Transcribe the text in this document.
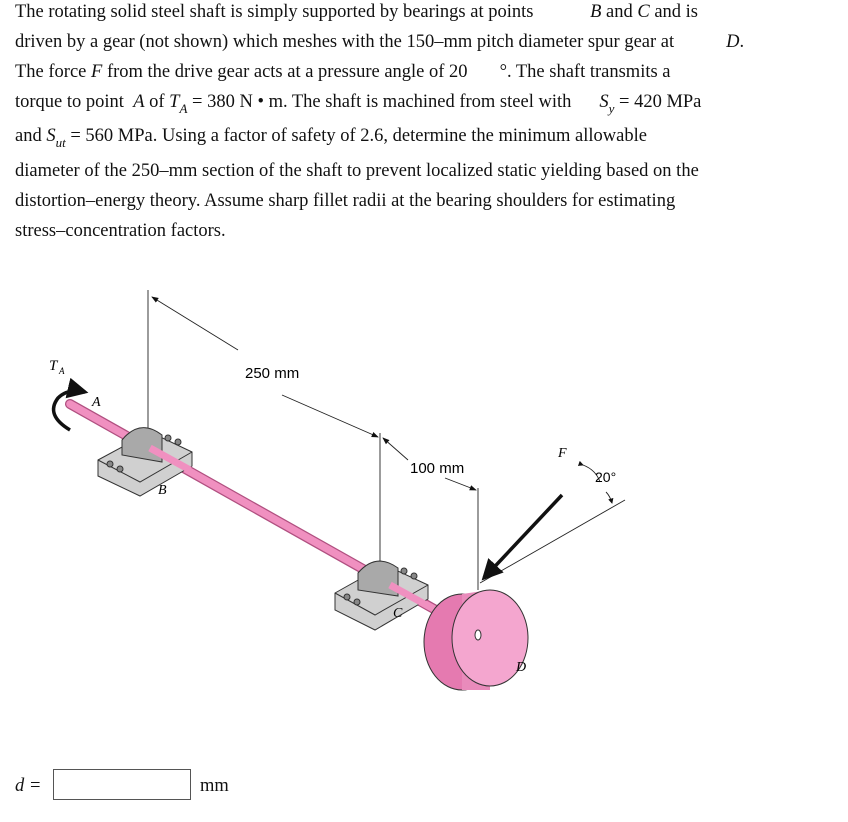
The rotating solid steel shaft is simply supported by bearings at points	B and C and is
driven by a gear (not shown) which meshes with the 150–mm pitch diameter spur gear at	D.
The force F from the drive gear acts at a pressure angle of 20 °. The shaft transmits a
torque to point A of $T_A = 380$ N • m. The shaft is machined from steel with $S_y = 420$ MPa
and $S_{ut} = 560$ MPa. Using a factor of safety of 2.6, determine the minimum allowable
diameter of the 250–mm section of the shaft to prevent localized static yielding based on the
distortion–energy theory. Assume sharp fillet radii at the bearing shoulders for estimating
stress–concentration factors.
T A
A
B
C
D
F
250 mm
100 mm	20°
d =	mm
